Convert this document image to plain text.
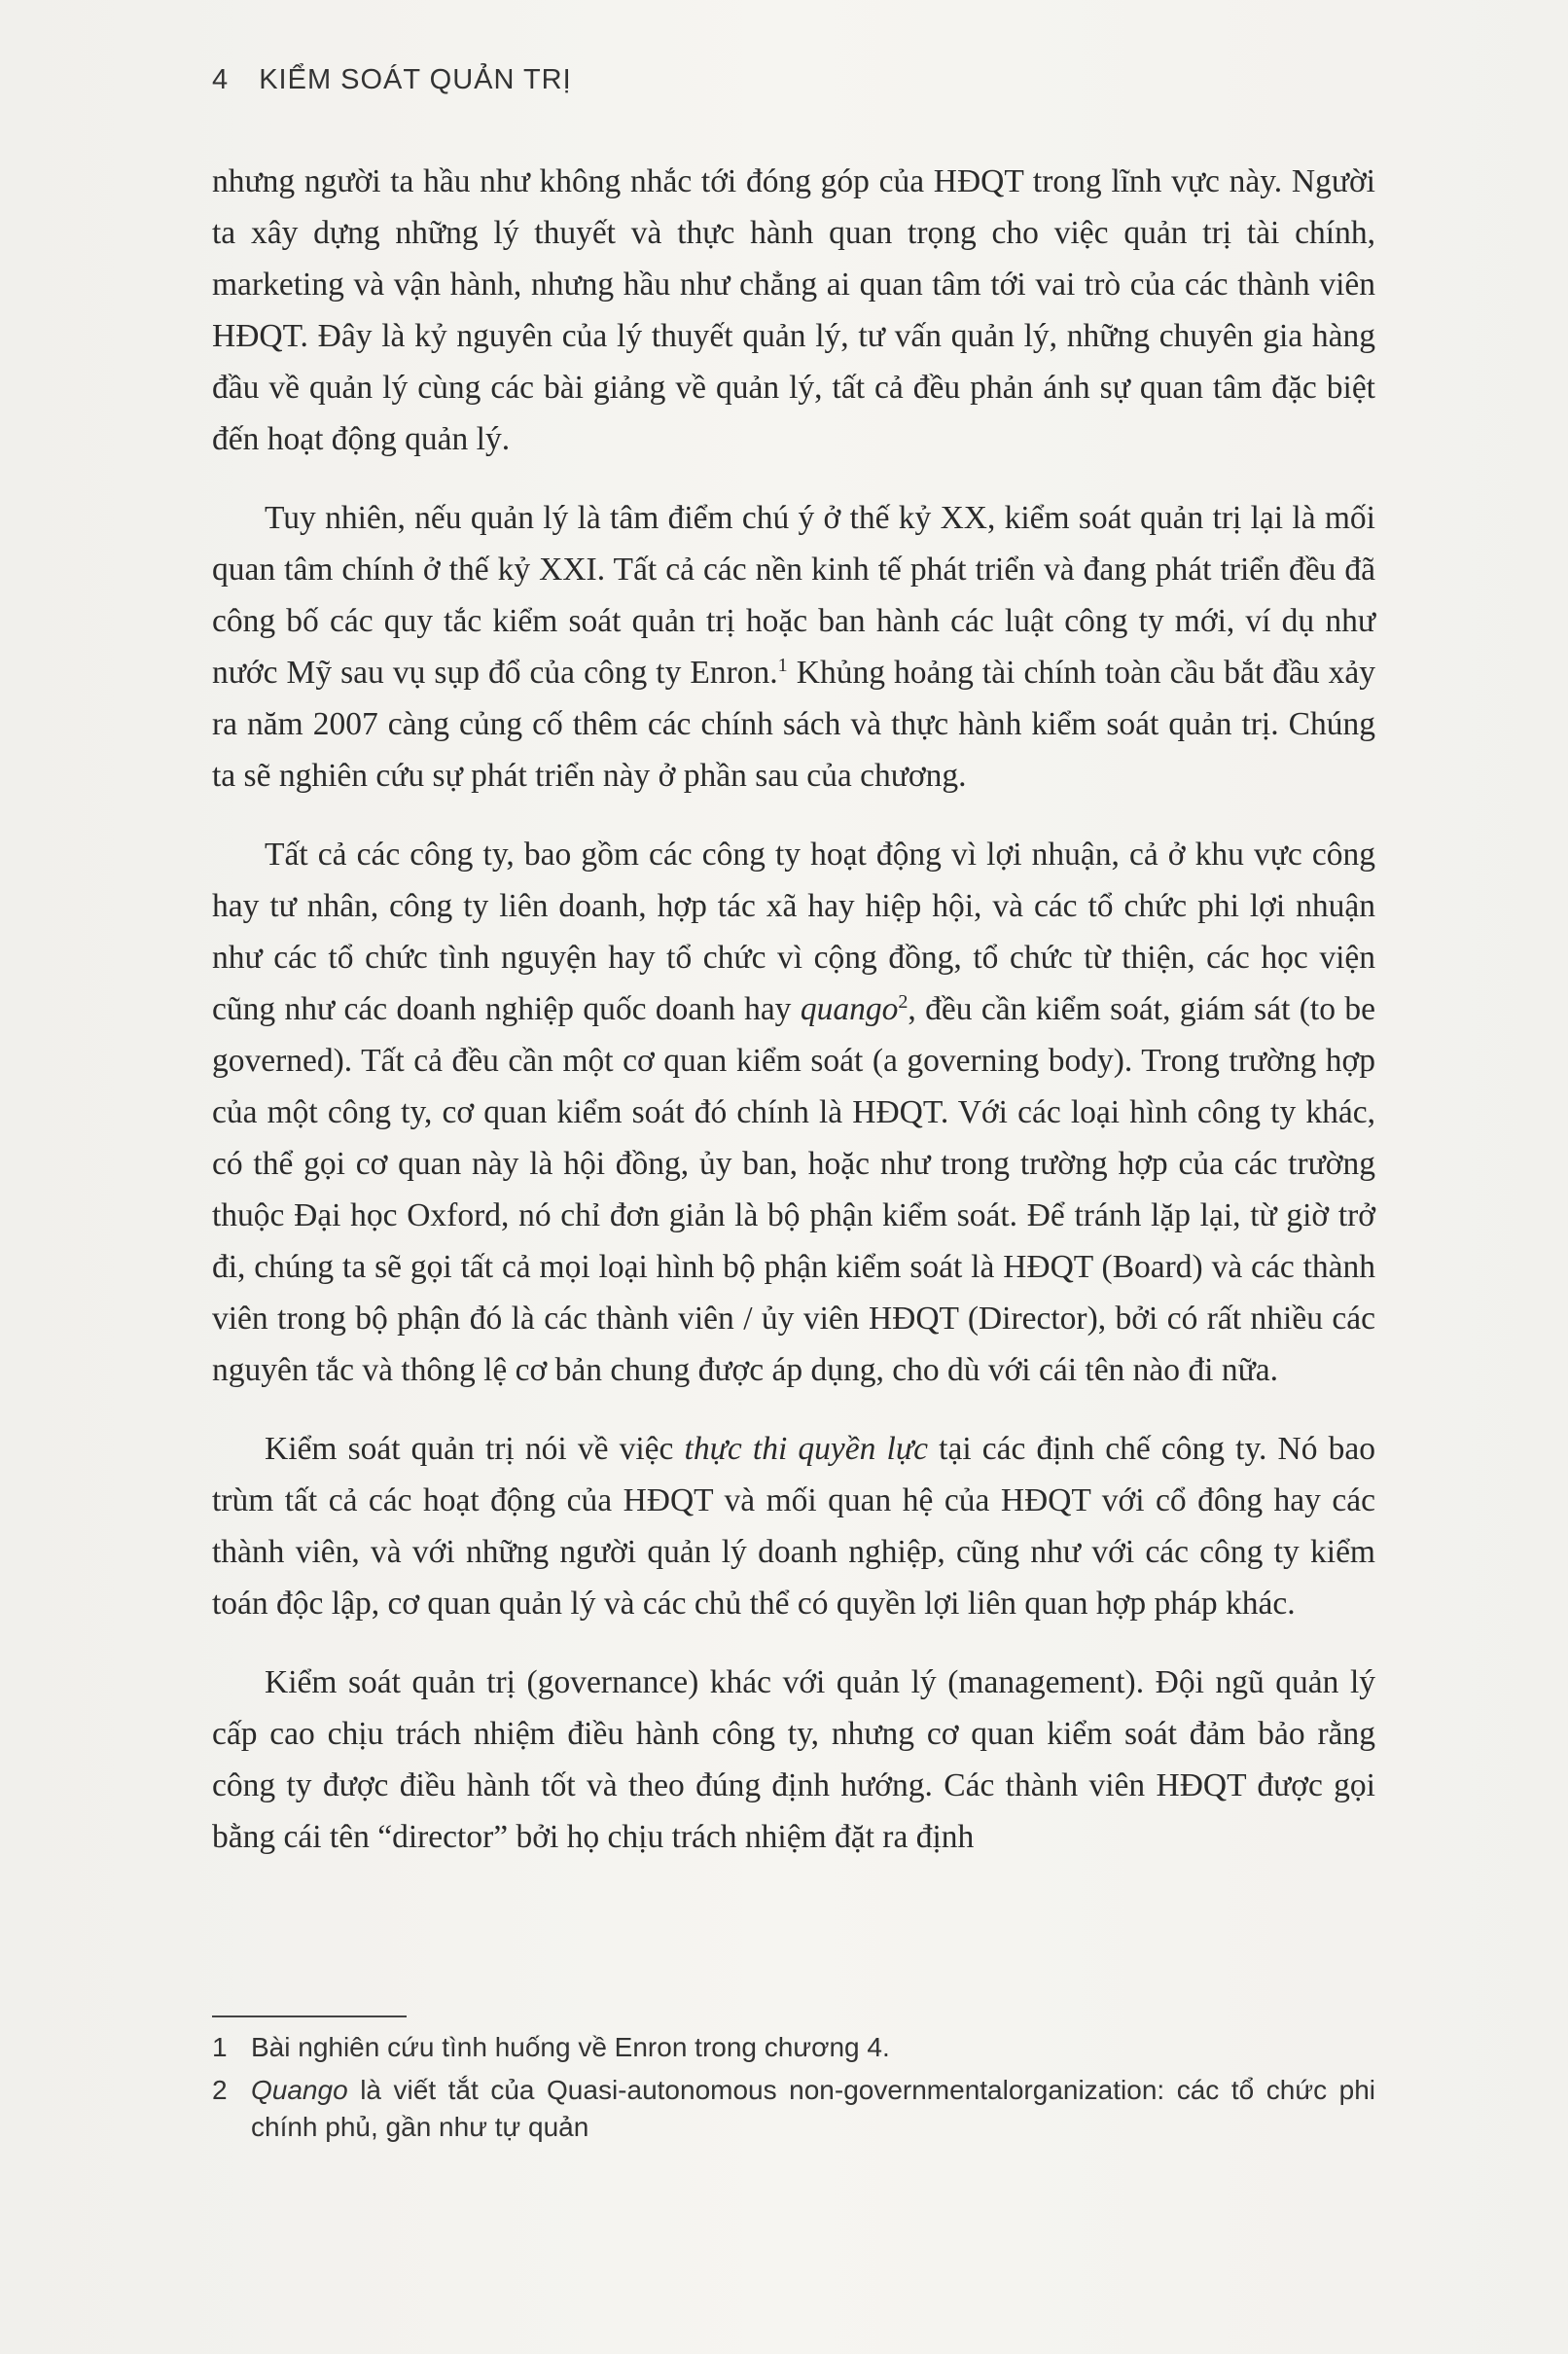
4 KIỂM SOÁT QUẢN TRỊ

nhưng người ta hầu như không nhắc tới đóng góp của HĐQT trong lĩnh vực này. Người ta xây dựng những lý thuyết và thực hành quan trọng cho việc quản trị tài chính, marketing và vận hành, nhưng hầu như chẳng ai quan tâm tới vai trò của các thành viên HĐQT. Đây là kỷ nguyên của lý thuyết quản lý, tư vấn quản lý, những chuyên gia hàng đầu về quản lý cùng các bài giảng về quản lý, tất cả đều phản ánh sự quan tâm đặc biệt đến hoạt động quản lý.

Tuy nhiên, nếu quản lý là tâm điểm chú ý ở thế kỷ XX, kiểm soát quản trị lại là mối quan tâm chính ở thế kỷ XXI. Tất cả các nền kinh tế phát triển và đang phát triển đều đã công bố các quy tắc kiểm soát quản trị hoặc ban hành các luật công ty mới, ví dụ như nước Mỹ sau vụ sụp đổ của công ty Enron.$^1$ Khủng hoảng tài chính toàn cầu bắt đầu xảy ra năm 2007 càng củng cố thêm các chính sách và thực hành kiểm soát quản trị. Chúng ta sẽ nghiên cứu sự phát triển này ở phần sau của chương.

Tất cả các công ty, bao gồm các công ty hoạt động vì lợi nhuận, cả ở khu vực công hay tư nhân, công ty liên doanh, hợp tác xã hay hiệp hội, và các tổ chức phi lợi nhuận như các tổ chức tình nguyện hay tổ chức vì cộng đồng, tổ chức từ thiện, các học viện cũng như các doanh nghiệp quốc doanh hay quango$^2$, đều cần kiểm soát, giám sát (to be governed). Tất cả đều cần một cơ quan kiểm soát (a governing body). Trong trường hợp của một công ty, cơ quan kiểm soát đó chính là HĐQT. Với các loại hình công ty khác, có thể gọi cơ quan này là hội đồng, ủy ban, hoặc như trong trường hợp của các trường thuộc Đại học Oxford, nó chỉ đơn giản là bộ phận kiểm soát. Để tránh lặp lại, từ giờ trở đi, chúng ta sẽ gọi tất cả mọi loại hình bộ phận kiểm soát là HĐQT (Board) và các thành viên trong bộ phận đó là các thành viên / ủy viên HĐQT (Director), bởi có rất nhiều các nguyên tắc và thông lệ cơ bản chung được áp dụng, cho dù với cái tên nào đi nữa.

Kiểm soát quản trị nói về việc thực thi quyền lực tại các định chế công ty. Nó bao trùm tất cả các hoạt động của HĐQT và mối quan hệ của HĐQT với cổ đông hay các thành viên, và với những người quản lý doanh nghiệp, cũng như với các công ty kiểm toán độc lập, cơ quan quản lý và các chủ thể có quyền lợi liên quan hợp pháp khác.

Kiểm soát quản trị (governance) khác với quản lý (management). Đội ngũ quản lý cấp cao chịu trách nhiệm điều hành công ty, nhưng cơ quan kiểm soát đảm bảo rằng công ty được điều hành tốt và theo đúng định hướng. Các thành viên HĐQT được gọi bằng cái tên “director” bởi họ chịu trách nhiệm đặt ra định

1 Bài nghiên cứu tình huống về Enron trong chương 4.
2 Quango là viết tắt của Quasi-autonomous non-governmentalorganization: các tổ chức phi chính phủ, gần như tự quản
